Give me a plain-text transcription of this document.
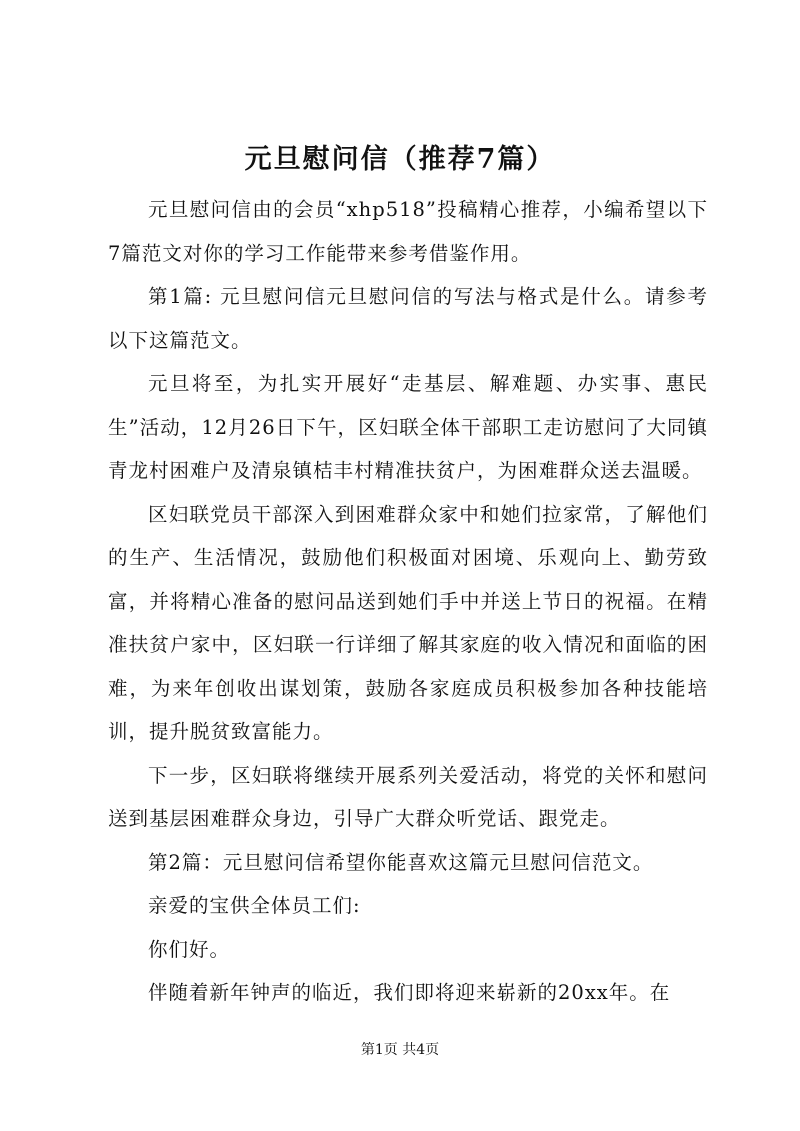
元旦慰问信（推荐7篇）

元旦慰问信由的会员“xhp518”投稿精心推荐，小编希望以下7篇范文对你的学习工作能带来参考借鉴作用。

第1篇: 元旦慰问信元旦慰问信的写法与格式是什么。请参考以下这篇范文。

元旦将至，为扎实开展好“走基层、解难题、办实事、惠民生”活动，12月26日下午，区妇联全体干部职工走访慰问了大同镇青龙村困难户及清泉镇桔丰村精准扶贫户，为困难群众送去温暖。

区妇联党员干部深入到困难群众家中和她们拉家常，了解他们的生产、生活情况，鼓励他们积极面对困境、乐观向上、勤劳致富，并将精心准备的慰问品送到她们手中并送上节日的祝福。在精准扶贫户家中，区妇联一行详细了解其家庭的收入情况和面临的困难，为来年创收出谋划策，鼓励各家庭成员积极参加各种技能培训，提升脱贫致富能力。

下一步，区妇联将继续开展系列关爱活动，将党的关怀和慰问送到基层困难群众身边，引导广大群众听党话、跟党走。

第2篇：元旦慰问信希望你能喜欢这篇元旦慰问信范文。

亲爱的宝供全体员工们:

你们好。

伴随着新年钟声的临近，我们即将迎来崭新的20xx年。在

第1页 共4页
